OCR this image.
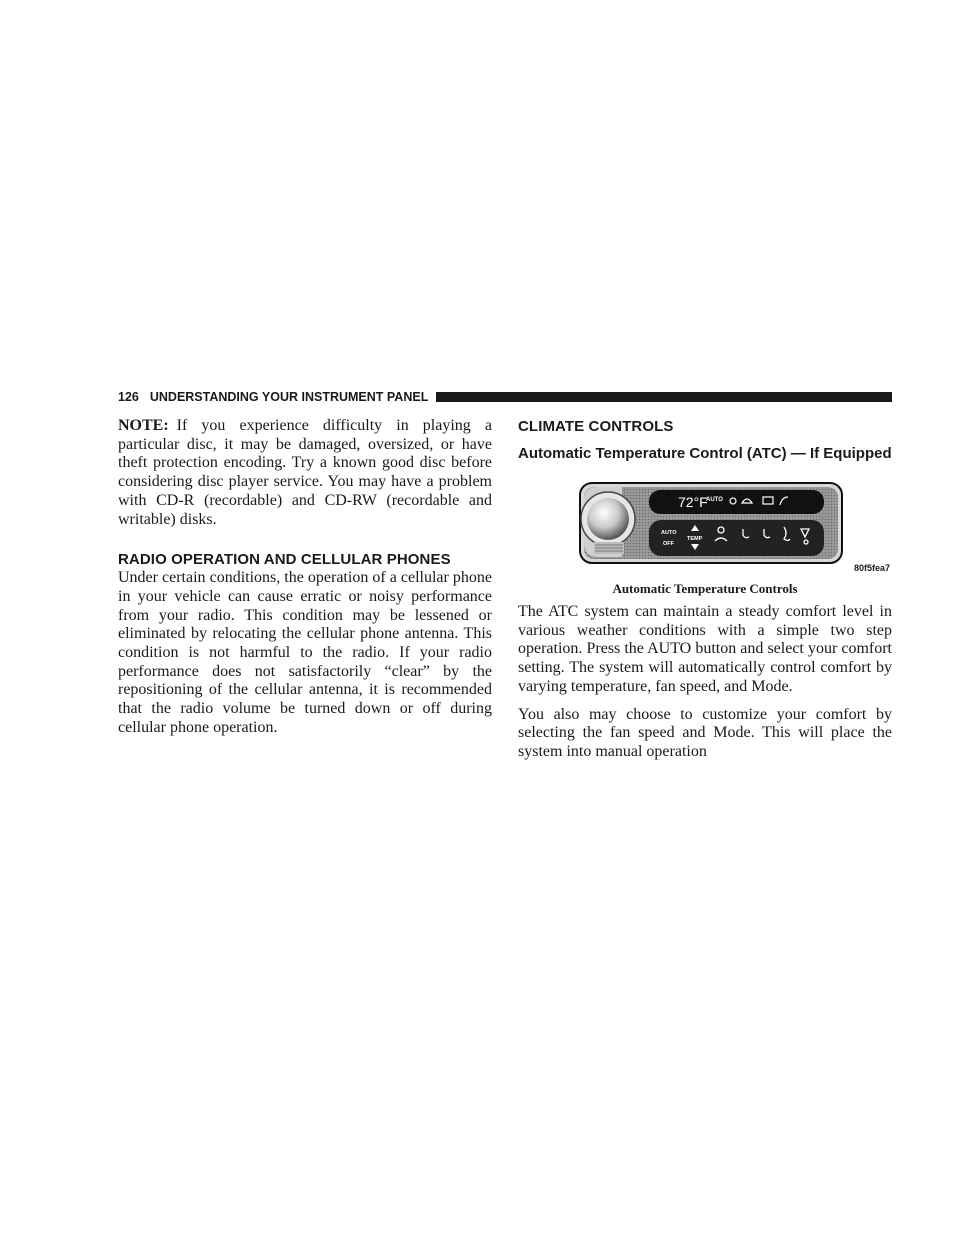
126 UNDERSTANDING YOUR INSTRUMENT PANEL

NOTE: If you experience difficulty in playing a particular disc, it may be damaged, oversized, or have theft protection encoding. Try a known good disc before considering disc player service. You may have a problem with CD-R (recordable) and CD-RW (recordable and writable) disks.

RADIO OPERATION AND CELLULAR PHONES

Under certain conditions, the operation of a cellular phone in your vehicle can cause erratic or noisy performance from your radio. This condition may be lessened or eliminated by relocating the cellular phone antenna. This condition is not harmful to the radio. If your radio performance does not satisfactorily “clear” by the repositioning of the cellular antenna, it is recommended that the radio volume be turned down or off during cellular phone operation.

CLIMATE CONTROLS
Automatic Temperature Control (ATC) — If Equipped
72°F
AUTO
AUTO
OFF
TEMP
80f5fea7
Automatic Temperature Controls

The ATC system can maintain a steady comfort level in various weather conditions with a simple two step operation. Press the AUTO button and select your comfort setting. The system will automatically control comfort by varying temperature, fan speed, and Mode.

You also may choose to customize your comfort by selecting the fan speed and Mode. This will place the system into manual operation
